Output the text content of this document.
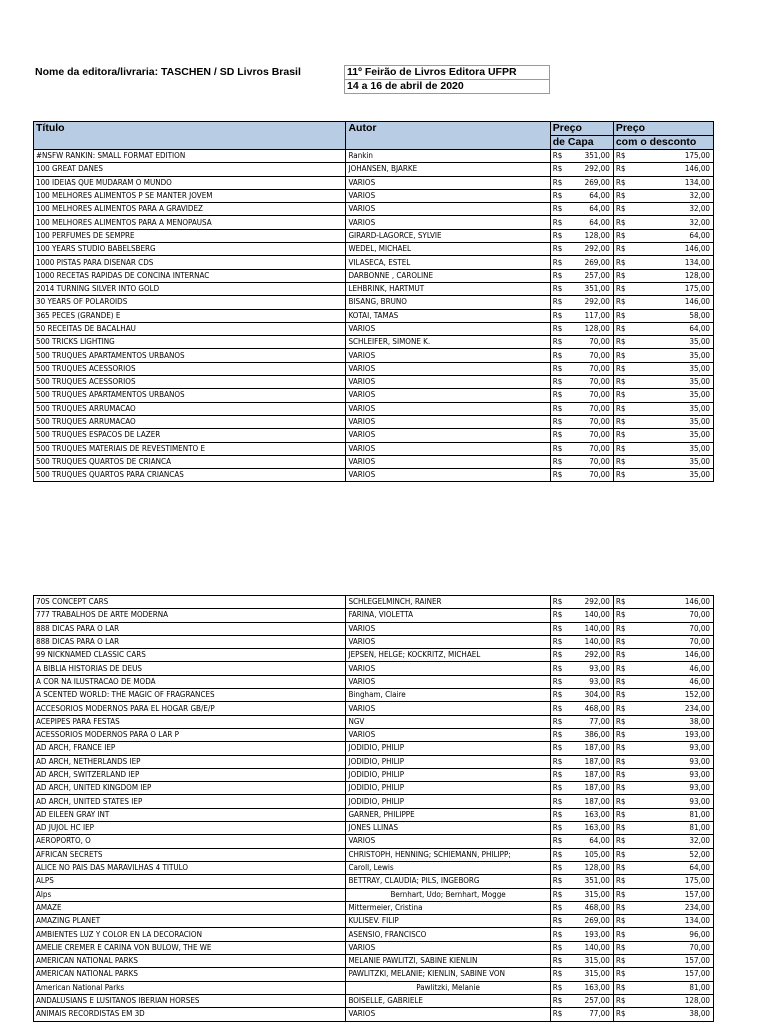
Nome da editora/livraria: TASCHEN / SD Livros Brasil	11º Feirão de Livros Editora UFPR
14 a 16 de abril de 2020
Título	Autor	Preço	Preço
		de Capa	com o desconto
#NSFW RANKIN: SMALL FORMAT EDITION	Rankin	R$ 351,00	R$ 175,00

100 GREAT DANES	JOHANSEN, BJARKE	R$ 292,00	R$ 146,00

100 IDEIAS QUE MUDARAM O MUNDO	VARIOS	R$ 269,00	R$ 134,00

100 MELHORES ALIMENTOS P SE MANTER JOVEM	VARIOS	R$ 64,00	R$ 32,00

100 MELHORES ALIMENTOS PARA A GRAVIDEZ	VARIOS	R$ 64,00	R$ 32,00

100 MELHORES ALIMENTOS PARA A MENOPAUSA	VARIOS	R$ 64,00	R$ 32,00

100 PERFUMES DE SEMPRE	GIRARD-LAGORCE, SYLVIE	R$ 128,00	R$ 64,00

100 YEARS STUDIO BABELSBERG	WEDEL, MICHAEL	R$ 292,00	R$ 146,00

1000 PISTAS PARA DISENAR CDS	VILASECA, ESTEL	R$ 269,00	R$ 134,00

1000 RECETAS RAPIDAS DE CONCINA INTERNAC	DARBONNE , CAROLINE	R$ 257,00	R$ 128,00

2014 TURNING SILVER INTO GOLD	LEHBRINK, HARTMUT	R$ 351,00	R$ 175,00

30 YEARS OF POLAROIDS	BISANG, BRUNO	R$ 292,00	R$ 146,00

365 PECES (GRANDE) E	KOTAI, TAMAS	R$ 117,00	R$ 58,00

50 RECEITAS DE BACALHAU	VARIOS	R$ 128,00	R$ 64,00

500 TRICKS LIGHTING	SCHLEIFER, SIMONE K.	R$ 70,00	R$ 35,00

500 TRUQUES APARTAMENTOS URBANOS	VARIOS	R$ 70,00	R$ 35,00

500 TRUQUES ACESSORIOS	VARIOS	R$ 70,00	R$ 35,00

500 TRUQUES ACESSORIOS	VARIOS	R$ 70,00	R$ 35,00

500 TRUQUES APARTAMENTOS URBANOS	VARIOS	R$ 70,00	R$ 35,00

500 TRUQUES ARRUMACAO	VARIOS	R$ 70,00	R$ 35,00

500 TRUQUES ARRUMACAO	VARIOS	R$ 70,00	R$ 35,00

500 TRUQUES ESPACOS DE LAZER	VARIOS	R$ 70,00	R$ 35,00

500 TRUQUES MATERIAIS DE REVESTIMENTO E	VARIOS	R$ 70,00	R$ 35,00

500 TRUQUES QUARTOS DE CRIANCA	VARIOS	R$ 70,00	R$ 35,00

500 TRUQUES QUARTOS PARA CRIANCAS	VARIOS	R$ 70,00	R$ 35,00
70S CONCEPT CARS	SCHLEGELMINCH, RAINER	R$ 292,00	R$ 146,00

777 TRABALHOS DE ARTE MODERNA	FARINA, VIOLETTA	R$ 140,00	R$ 70,00

888 DICAS PARA O LAR	VARIOS	R$ 140,00	R$ 70,00

888 DICAS PARA O LAR	VARIOS	R$ 140,00	R$ 70,00

99 NICKNAMED CLASSIC CARS	JEPSEN, HELGE; KOCKRITZ, MICHAEL	R$ 292,00	R$ 146,00

A BIBLIA HISTORIAS DE DEUS	VARIOS	R$ 93,00	R$ 46,00

A COR NA ILUSTRACAO DE MODA	VARIOS	R$ 93,00	R$ 46,00

A SCENTED WORLD: THE MAGIC OF FRAGRANCES	Bingham, Claire	R$ 304,00	R$ 152,00

ACCESORIOS MODERNOS PARA EL HOGAR GB/E/P	VARIOS	R$ 468,00	R$ 234,00

ACEPIPES PARA FESTAS	NGV	R$ 77,00	R$ 38,00

ACESSORIOS MODERNOS PARA O LAR P	VARIOS	R$ 386,00	R$ 193,00

AD ARCH, FRANCE IEP	JODIDIO, PHILIP	R$ 187,00	R$ 93,00

AD ARCH, NETHERLANDS IEP	JODIDIO, PHILIP	R$ 187,00	R$ 93,00

AD ARCH, SWITZERLAND IEP	JODIDIO, PHILIP	R$ 187,00	R$ 93,00

AD ARCH, UNITED KINGDOM IEP	JODIDIO, PHILIP	R$ 187,00	R$ 93,00

AD ARCH, UNITED STATES IEP	JODIDIO, PHILIP	R$ 187,00	R$ 93,00

AD EILEEN GRAY INT	GARNER, PHILIPPE	R$ 163,00	R$ 81,00

AD JUJOL HC IEP	JONES LLINAS	R$ 163,00	R$ 81,00

AEROPORTO, O	VARIOS	R$ 64,00	R$ 32,00

AFRICAN SECRETS	CHRISTOPH, HENNING; SCHIEMANN, PHILIPP;	R$ 105,00	R$ 52,00

ALICE NO PAIS DAS MARAVILHAS 4 TITULO	Caroll, Lewis	R$ 128,00	R$ 64,00

ALPS	BETTRAY, CLAUDIA; PILS, INGEBORG	R$ 351,00	R$ 175,00

Alps	Bernhart, Udo; Bernhart, Mogge	R$ 315,00	R$ 157,00

AMAZE	Mittermeier, Cristina	R$ 468,00	R$ 234,00

AMAZING PLANET	KULISEV. FILIP	R$ 269,00	R$ 134,00

AMBIENTES LUZ Y COLOR EN LA DECORACION	ASENSIO, FRANCISCO	R$ 193,00	R$ 96,00

AMELIE CREMER E CARINA VON BULOW, THE WE	VARIOS	R$ 140,00	R$ 70,00

AMERICAN NATIONAL PARKS	MELANIE PAWLITZI, SABINE KIENLIN	R$ 315,00	R$ 157,00

AMERICAN NATIONAL PARKS	PAWLITZKI, MELANIE; KIENLIN, SABINE VON	R$ 315,00	R$ 157,00

American National Parks	Pawlitzki, Melanie	R$ 163,00	R$ 81,00

ANDALUSIANS E LUSITANOS IBERIAN HORSES	BOISELLE, GABRIELE	R$ 257,00	R$ 128,00

ANIMAIS RECORDISTAS EM 3D	VARIOS	R$ 77,00	R$ 38,00
